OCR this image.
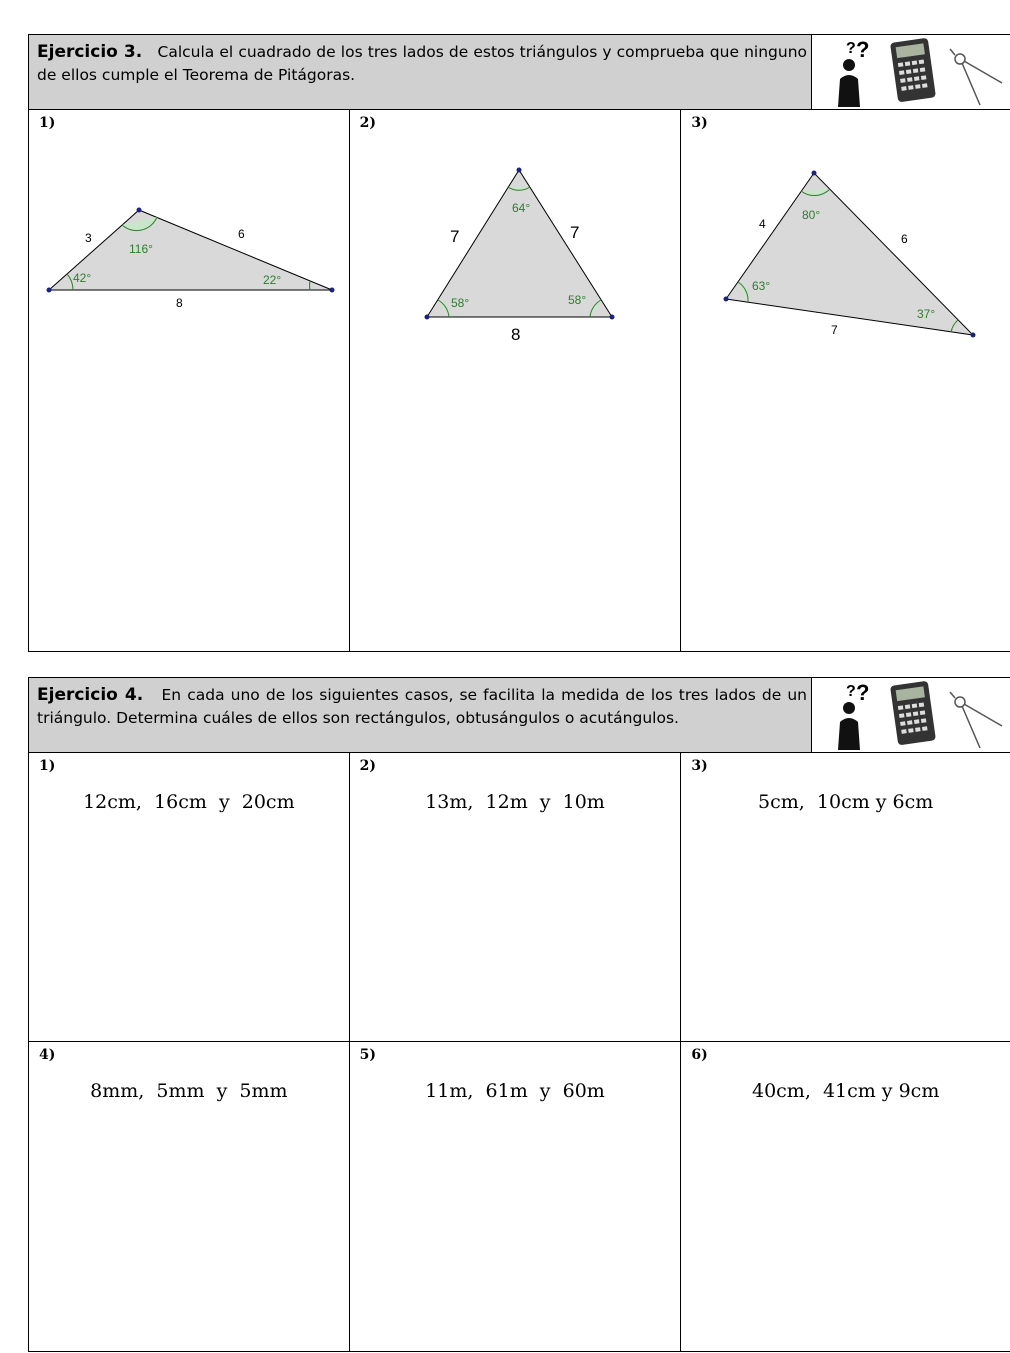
Ejercicio 3. Calcula el cuadrado de los tres lados de estos triángulos y comprueba que ninguno de ellos cumple el Teorema de Pitágoras.
? ?
1)
3	6
8
116°
42°	22°
2)
7	7
8
64°
58°	58°
3)
4
6
7
80°
63°
37°
Ejercicio 4. En cada uno de los siguientes casos, se facilita la medida de los tres lados de un triángulo. Determina cuáles de ellos son rectángulos, obtusángulos o acutángulos.
? ?
1)
12cm,  16cm  y  20cm
2)
13m,  12m  y  10m
3)
5cm,  10cm y 6cm
4)
8mm,  5mm  y  5mm
5)
11m,  61m  y  60m
6)
40cm,  41cm y 9cm
